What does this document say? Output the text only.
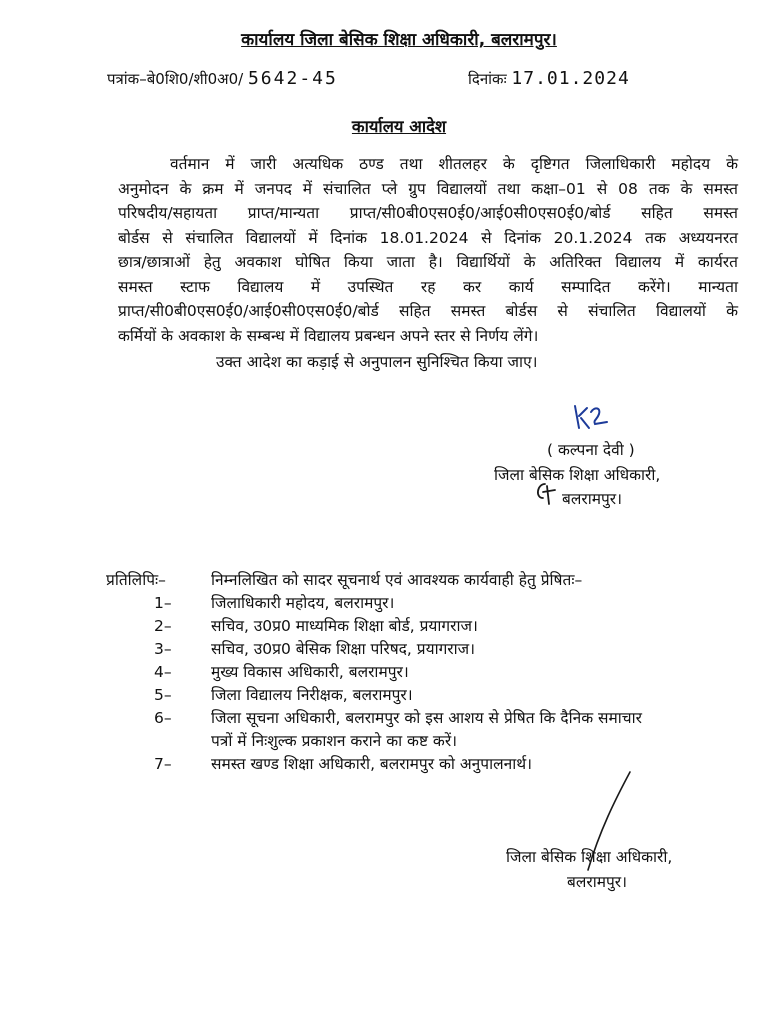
कार्यालय जिला बेसिक शिक्षा अधिकारी, बलरामपुर।
पत्रांक–बे0शि0/शी0अ0/ 5642-45	दिनांकः 17.01.2024
कार्यालय आदेश
वर्तमान में जारी अत्यधिक ठण्ड तथा शीतलहर के दृष्टिगत जिलाधिकारी महोदय के
अनुमोदन के क्रम में जनपद में संचालित प्ले ग्रुप विद्यालयों तथा कक्षा–01 से 08 तक के समस्त
परिषदीय/सहायता प्राप्त/मान्यता प्राप्त/सी0बी0एस0ई0/आई0सी0एस0ई0/बोर्ड सहित समस्त
बोर्डस से संचालित विद्यालयों में दिनांक 18.01.2024 से दिनांक 20.1.2024 तक अध्ययनरत
छात्र/छात्राओं हेतु अवकाश घोषित किया जाता है। विद्यार्थियों के अतिरिक्त विद्यालय में कार्यरत
समस्त स्टाफ विद्यालय में उपस्थित रह कर कार्य सम्पादित करेंगे। मान्यता
प्राप्त/सी0बी0एस0ई0/आई0सी0एस0ई0/बोर्ड सहित समस्त बोर्डस से संचालित विद्यालयों के
कर्मियों के अवकाश के सम्बन्ध में विद्यालय प्रबन्धन अपने स्तर से निर्णय लेंगे।
उक्त आदेश का कड़ाई से अनुपालन सुनिश्चित किया जाए।
( कल्पना देवी )
जिला बेसिक शिक्षा अधिकारी,
बलरामपुर।
प्रतिलिपिः–	निम्नलिखित को सादर सूचनार्थ एवं आवश्यक कार्यवाही हेतु प्रेषितः–
1–	जिलाधिकारी महोदय, बलरामपुर।
2–	सचिव, उ0प्र0 माध्यमिक शिक्षा बोर्ड, प्रयागराज।
3–	सचिव, उ0प्र0 बेसिक शिक्षा परिषद, प्रयागराज।
4–	मुख्य विकास अधिकारी, बलरामपुर।
5–	जिला विद्यालय निरीक्षक, बलरामपुर।
6–	जिला सूचना अधिकारी, बलरामपुर को इस आशय से प्रेषित कि दैनिक समाचार
पत्रों में निःशुल्क प्रकाशन कराने का कष्ट करें।
7–	समस्त खण्ड शिक्षा अधिकारी, बलरामपुर को अनुपालनार्थ।
जिला बेसिक शिक्षा अधिकारी,
बलरामपुर।
